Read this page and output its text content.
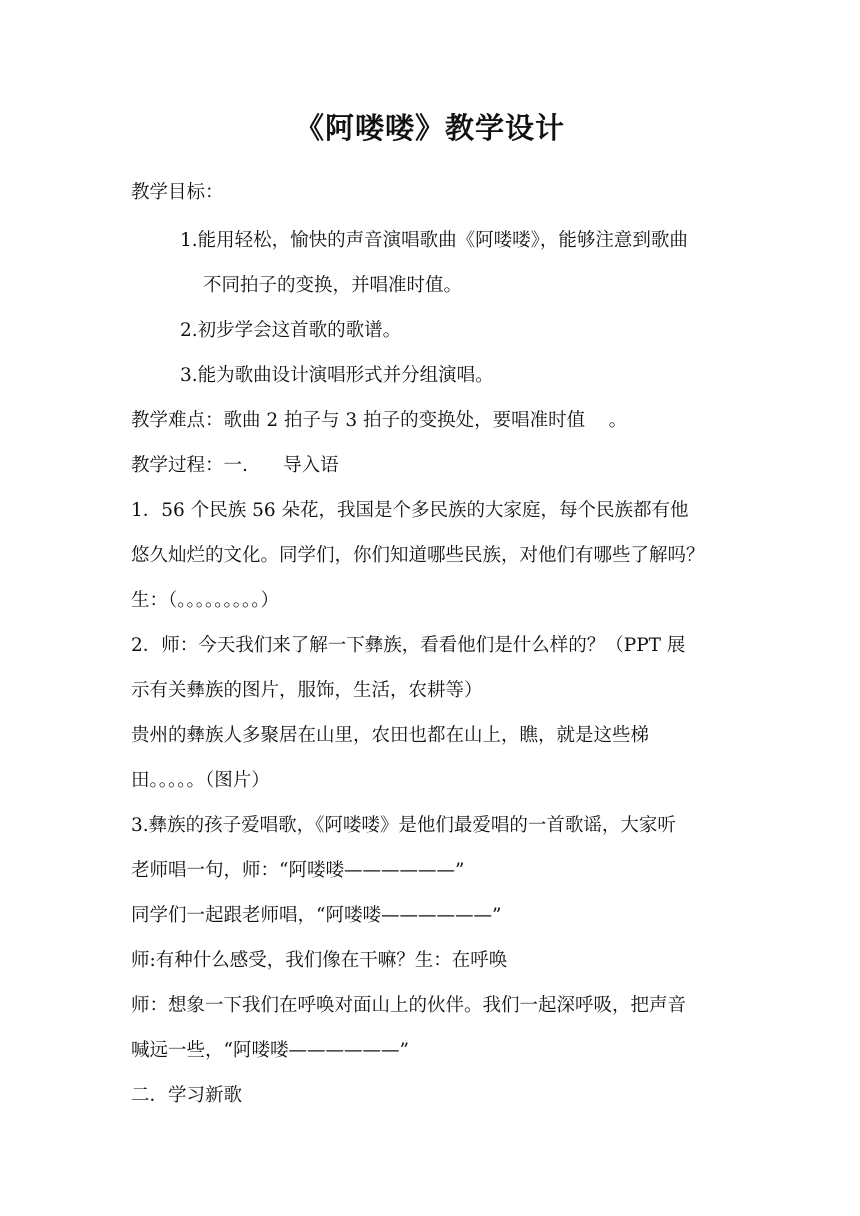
《阿喽喽》教学设计
教学目标：
1.能用轻松，愉快的声音演唱歌曲《阿喽喽》，能够注意到歌曲
不同拍子的变换，并唱准时值。
2.初步学会这首歌的歌谱。
3.能为歌曲设计演唱形式并分组演唱。
教学难点：歌曲 2 拍子与 3 拍子的变换处，要唱准时值    。
教学过程：一.      导入语
1．56 个民族 56 朵花，我国是个多民族的大家庭，每个民族都有他
悠久灿烂的文化。同学们，你们知道哪些民族，对他们有哪些了解吗？
生：（。。。。。。。。。）
2．师：今天我们来了解一下彝族，看看他们是什么样的？（PPT 展
示有关彝族的图片，服饰，生活，农耕等）
贵州的彝族人多聚居在山里，农田也都在山上，瞧，就是这些梯
田。。。。。（图片）
3.彝族的孩子爱唱歌，《阿喽喽》是他们最爱唱的一首歌谣，大家听
老师唱一句，师：“阿喽喽——————”
同学们一起跟老师唱，“阿喽喽——————”
师:有种什么感受，我们像在干嘛？生：在呼唤
师：想象一下我们在呼唤对面山上的伙伴。我们一起深呼吸，把声音
喊远一些，“阿喽喽——————”
二．学习新歌
